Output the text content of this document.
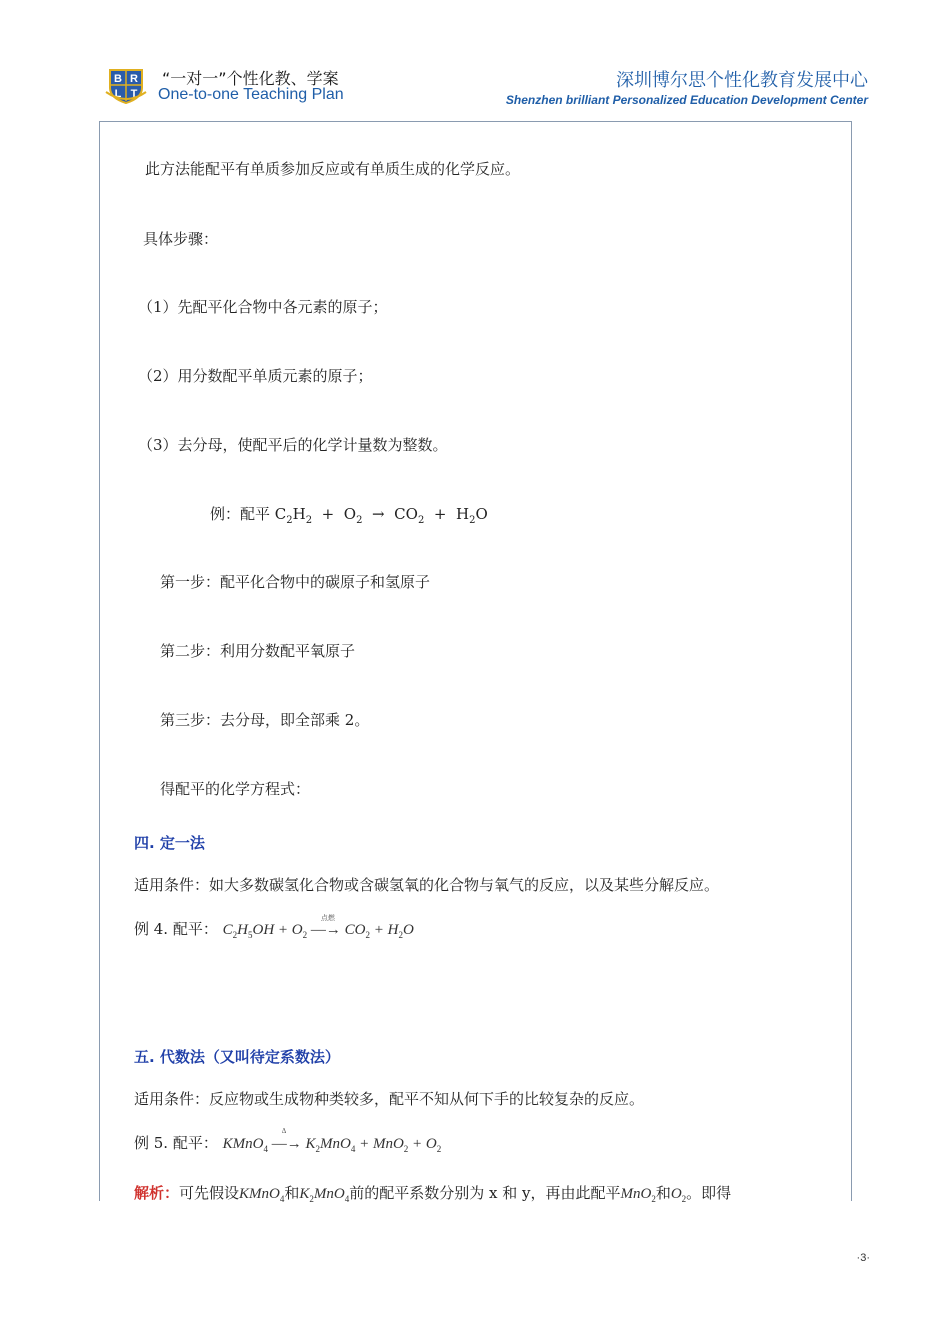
B R
L T
“一对一”个性化教、学案
One-to-one Teaching Plan
深圳博尔思个性化教育发展中心
Shenzhen brilliant Personalized Education Development Center
此方法能配平有单质参加反应或有单质生成的化学反应。
具体步骤：
（1）先配平化合物中各元素的原子；
（2）用分数配平单质元素的原子；
（3）去分母，使配平后的化学计量数为整数。
例：配平 $C_2H_2 + O_2 \to CO_2 + H_2O$
第一步：配平化合物中的碳原子和氢原子
第二步：利用分数配平氧原子
第三步：去分母，即全部乘 2。
得配平的化学方程式：
四. 定一法
适用条件：如大多数碳氢化合物或含碳氢氧的化合物与氧气的反应，以及某些分解反应。
例 4. 配平： $C_2H_5OH + O_2$ —
点燃
→ $CO_2 + H_2O$
五. 代数法（又叫待定系数法）
适用条件：反应物或生成物种类较多，配平不知从何下手的比较复杂的反应。
例 5. 配平： KMnO$_4$ —
Δ
→ $K_2MnO_4 + MnO_2 + O_2$
解析：可先假设KMnO$_4$和$K_2MnO_4$前的配平系数分别为 x 和 y，再由此配平MnO$_2$和$O_2$。即得
·3·
